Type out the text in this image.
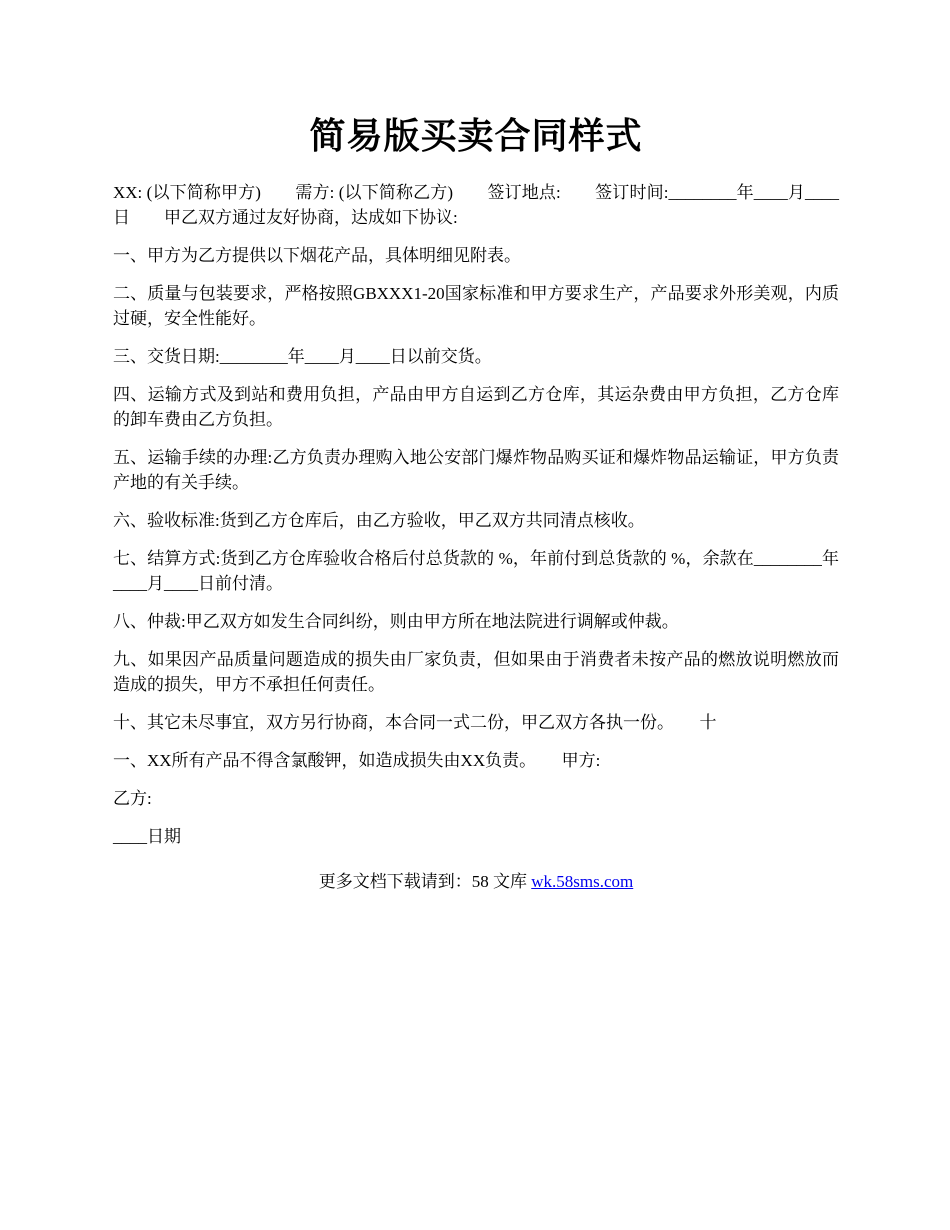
简易版买卖合同样式

XX: (以下简称甲方)　　需方: (以下简称乙方)　　签订地点:　　签订时间:________年____月____日　　甲乙双方通过友好协商，达成如下协议:

一、甲方为乙方提供以下烟花产品，具体明细见附表。

二、质量与包装要求，严格按照GBXXX1-20国家标准和甲方要求生产，产品要求外形美观，内质过硬，安全性能好。

三、交货日期:________年____月____日以前交货。

四、运输方式及到站和费用负担，产品由甲方自运到乙方仓库，其运杂费由甲方负担，乙方仓库的卸车费由乙方负担。

五、运输手续的办理:乙方负责办理购入地公安部门爆炸物品购买证和爆炸物品运输证，甲方负责产地的有关手续。

六、验收标准:货到乙方仓库后，由乙方验收，甲乙双方共同清点核收。

七、结算方式:货到乙方仓库验收合格后付总货款的 %，年前付到总货款的 %，余款在________年____月____日前付清。

八、仲裁:甲乙双方如发生合同纠纷，则由甲方所在地法院进行调解或仲裁。

九、如果因产品质量问题造成的损失由厂家负责，但如果由于消费者未按产品的燃放说明燃放而造成的损失，甲方不承担任何责任。

十、其它未尽事宜，双方另行协商，本合同一式二份，甲乙双方各执一份。　　十

一、XX所有产品不得含氯酸钾，如造成损失由XX负责。　　甲方:

乙方:

____日期

更多文档下载请到：58 文库 wk.58sms.com
